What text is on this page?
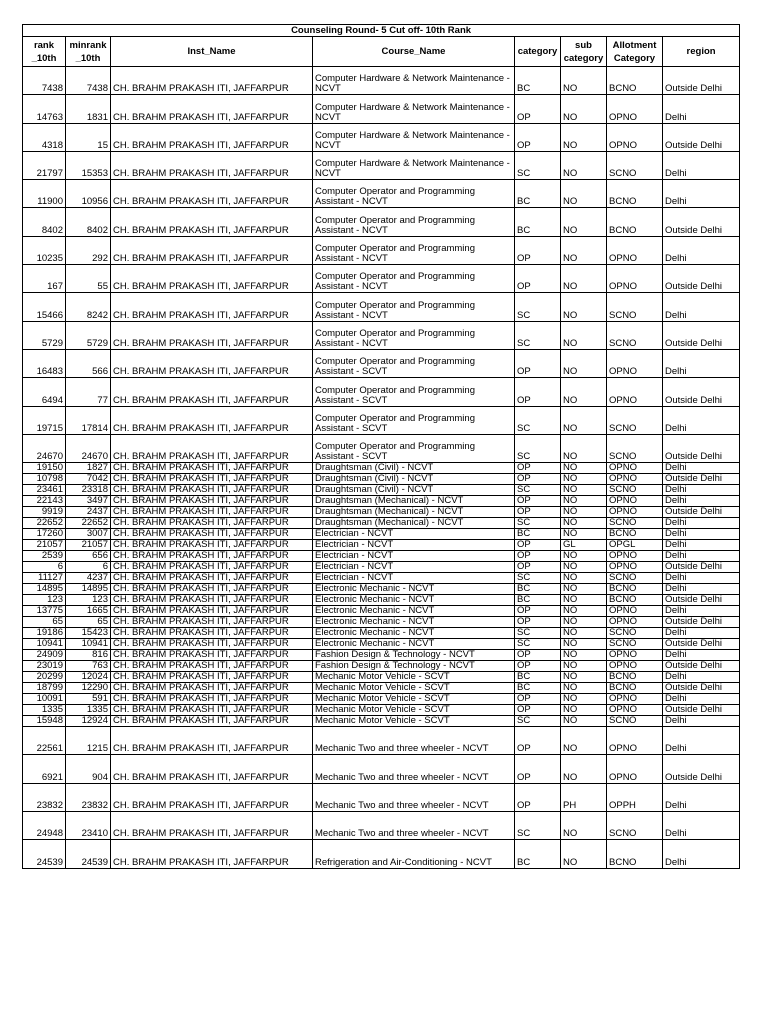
Counseling Round- 5 Cut off- 10th Rank							
rank _10th	minrank _10th	Inst_Name	Course_Name	category	sub category	Allotment Category	region
7438	7438	CH. BRAHM PRAKASH ITI, JAFFARPUR	Computer Hardware & Network Maintenance - NCVT	BC	NO	BCNO	Outside Delhi
14763	1831	CH. BRAHM PRAKASH ITI, JAFFARPUR	Computer Hardware & Network Maintenance - NCVT	OP	NO	OPNO	Delhi
4318	15	CH. BRAHM PRAKASH ITI, JAFFARPUR	Computer Hardware & Network Maintenance - NCVT	OP	NO	OPNO	Outside Delhi
21797	15353	CH. BRAHM PRAKASH ITI, JAFFARPUR	Computer Hardware & Network Maintenance - NCVT	SC	NO	SCNO	Delhi
11900	10956	CH. BRAHM PRAKASH ITI, JAFFARPUR	Computer Operator and Programming Assistant - NCVT	BC	NO	BCNO	Delhi
8402	8402	CH. BRAHM PRAKASH ITI, JAFFARPUR	Computer Operator and Programming Assistant - NCVT	BC	NO	BCNO	Outside Delhi
10235	292	CH. BRAHM PRAKASH ITI, JAFFARPUR	Computer Operator and Programming Assistant - NCVT	OP	NO	OPNO	Delhi
167	55	CH. BRAHM PRAKASH ITI, JAFFARPUR	Computer Operator and Programming Assistant - NCVT	OP	NO	OPNO	Outside Delhi
15466	8242	CH. BRAHM PRAKASH ITI, JAFFARPUR	Computer Operator and Programming Assistant - NCVT	SC	NO	SCNO	Delhi
5729	5729	CH. BRAHM PRAKASH ITI, JAFFARPUR	Computer Operator and Programming Assistant - NCVT	SC	NO	SCNO	Outside Delhi
16483	566	CH. BRAHM PRAKASH ITI, JAFFARPUR	Computer Operator and Programming Assistant - SCVT	OP	NO	OPNO	Delhi
6494	77	CH. BRAHM PRAKASH ITI, JAFFARPUR	Computer Operator and Programming Assistant - SCVT	OP	NO	OPNO	Outside Delhi
19715	17814	CH. BRAHM PRAKASH ITI, JAFFARPUR	Computer Operator and Programming Assistant - SCVT	SC	NO	SCNO	Delhi
24670	24670	CH. BRAHM PRAKASH ITI, JAFFARPUR	Computer Operator and Programming Assistant - SCVT	SC	NO	SCNO	Outside Delhi
19150	1827	CH. BRAHM PRAKASH ITI, JAFFARPUR	Draughtsman (Civil) - NCVT	OP	NO	OPNO	Delhi
10798	7042	CH. BRAHM PRAKASH ITI, JAFFARPUR	Draughtsman (Civil) - NCVT	OP	NO	OPNO	Outside Delhi
23461	23318	CH. BRAHM PRAKASH ITI, JAFFARPUR	Draughtsman (Civil) - NCVT	SC	NO	SCNO	Delhi
22143	3497	CH. BRAHM PRAKASH ITI, JAFFARPUR	Draughtsman (Mechanical) - NCVT	OP	NO	OPNO	Delhi
9919	2437	CH. BRAHM PRAKASH ITI, JAFFARPUR	Draughtsman (Mechanical) - NCVT	OP	NO	OPNO	Outside Delhi
22652	22652	CH. BRAHM PRAKASH ITI, JAFFARPUR	Draughtsman (Mechanical) - NCVT	SC	NO	SCNO	Delhi
17260	3007	CH. BRAHM PRAKASH ITI, JAFFARPUR	Electrician - NCVT	BC	NO	BCNO	Delhi
21057	21057	CH. BRAHM PRAKASH ITI, JAFFARPUR	Electrician - NCVT	OP	GL	OPGL	Delhi
2539	656	CH. BRAHM PRAKASH ITI, JAFFARPUR	Electrician - NCVT	OP	NO	OPNO	Delhi
6	6	CH. BRAHM PRAKASH ITI, JAFFARPUR	Electrician - NCVT	OP	NO	OPNO	Outside Delhi
11127	4237	CH. BRAHM PRAKASH ITI, JAFFARPUR	Electrician - NCVT	SC	NO	SCNO	Delhi
14895	14895	CH. BRAHM PRAKASH ITI, JAFFARPUR	Electronic Mechanic - NCVT	BC	NO	BCNO	Delhi
123	123	CH. BRAHM PRAKASH ITI, JAFFARPUR	Electronic Mechanic - NCVT	BC	NO	BCNO	Outside Delhi
13775	1665	CH. BRAHM PRAKASH ITI, JAFFARPUR	Electronic Mechanic - NCVT	OP	NO	OPNO	Delhi
65	65	CH. BRAHM PRAKASH ITI, JAFFARPUR	Electronic Mechanic - NCVT	OP	NO	OPNO	Outside Delhi
19186	15423	CH. BRAHM PRAKASH ITI, JAFFARPUR	Electronic Mechanic - NCVT	SC	NO	SCNO	Delhi
10941	10941	CH. BRAHM PRAKASH ITI, JAFFARPUR	Electronic Mechanic - NCVT	SC	NO	SCNO	Outside Delhi
24909	816	CH. BRAHM PRAKASH ITI, JAFFARPUR	Fashion Design & Technology - NCVT	OP	NO	OPNO	Delhi
23019	763	CH. BRAHM PRAKASH ITI, JAFFARPUR	Fashion Design & Technology - NCVT	OP	NO	OPNO	Outside Delhi
20299	12024	CH. BRAHM PRAKASH ITI, JAFFARPUR	Mechanic Motor Vehicle - SCVT	BC	NO	BCNO	Delhi
18799	12290	CH. BRAHM PRAKASH ITI, JAFFARPUR	Mechanic Motor Vehicle - SCVT	BC	NO	BCNO	Outside Delhi
10091	591	CH. BRAHM PRAKASH ITI, JAFFARPUR	Mechanic Motor Vehicle - SCVT	OP	NO	OPNO	Delhi
1335	1335	CH. BRAHM PRAKASH ITI, JAFFARPUR	Mechanic Motor Vehicle - SCVT	OP	NO	OPNO	Outside Delhi
15948	12924	CH. BRAHM PRAKASH ITI, JAFFARPUR	Mechanic Motor Vehicle - SCVT	SC	NO	SCNO	Delhi
22561	1215	CH. BRAHM PRAKASH ITI, JAFFARPUR	Mechanic Two and three wheeler - NCVT	OP	NO	OPNO	Delhi
6921	904	CH. BRAHM PRAKASH ITI, JAFFARPUR	Mechanic Two and three wheeler - NCVT	OP	NO	OPNO	Outside Delhi
23832	23832	CH. BRAHM PRAKASH ITI, JAFFARPUR	Mechanic Two and three wheeler - NCVT	OP	PH	OPPH	Delhi
24948	23410	CH. BRAHM PRAKASH ITI, JAFFARPUR	Mechanic Two and three wheeler - NCVT	SC	NO	SCNO	Delhi
24539	24539	CH. BRAHM PRAKASH ITI, JAFFARPUR	Refrigeration and Air-Conditioning - NCVT	BC	NO	BCNO	Delhi
